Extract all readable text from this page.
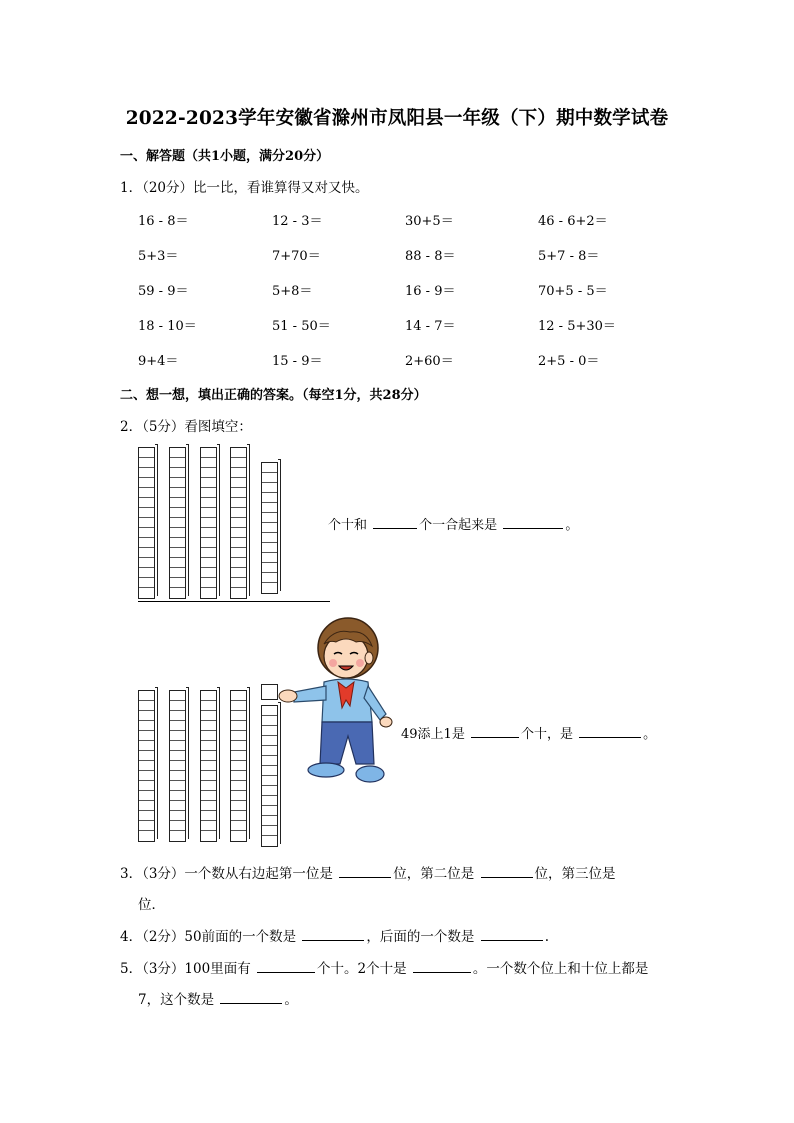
2022-2023学年安徽省滁州市凤阳县一年级（下）期中数学试卷
一、解答题（共1小题，满分20分）
1．（20分）比一比，看谁算得又对又快。
16 - 8＝	12 - 3＝	30+5＝	46 - 6+2＝
5+3＝	7+70＝	88 - 8＝	5+7 - 8＝
59 - 9＝	5+8＝	16 - 9＝	70+5 - 5＝
18 - 10＝	51 - 50＝	14 - 7＝	12 - 5+30＝
9+4＝	15 - 9＝	2+60＝	2+5 - 0＝
二、想一想，填出正确的答案。（每空1分，共28分）
2．（5分）看图填空：
个十和	个一合起来是	。
49添上1是	个十，是	。
3．（3分）一个数从右边起第一位是	位，第二位是	位，第三位是
位．
4．（2分）50前面的一个数是	，后面的一个数是	.
5．（3分）100里面有	个十。2个十是	。一个数个位上和十位上都是
7，这个数是	。
